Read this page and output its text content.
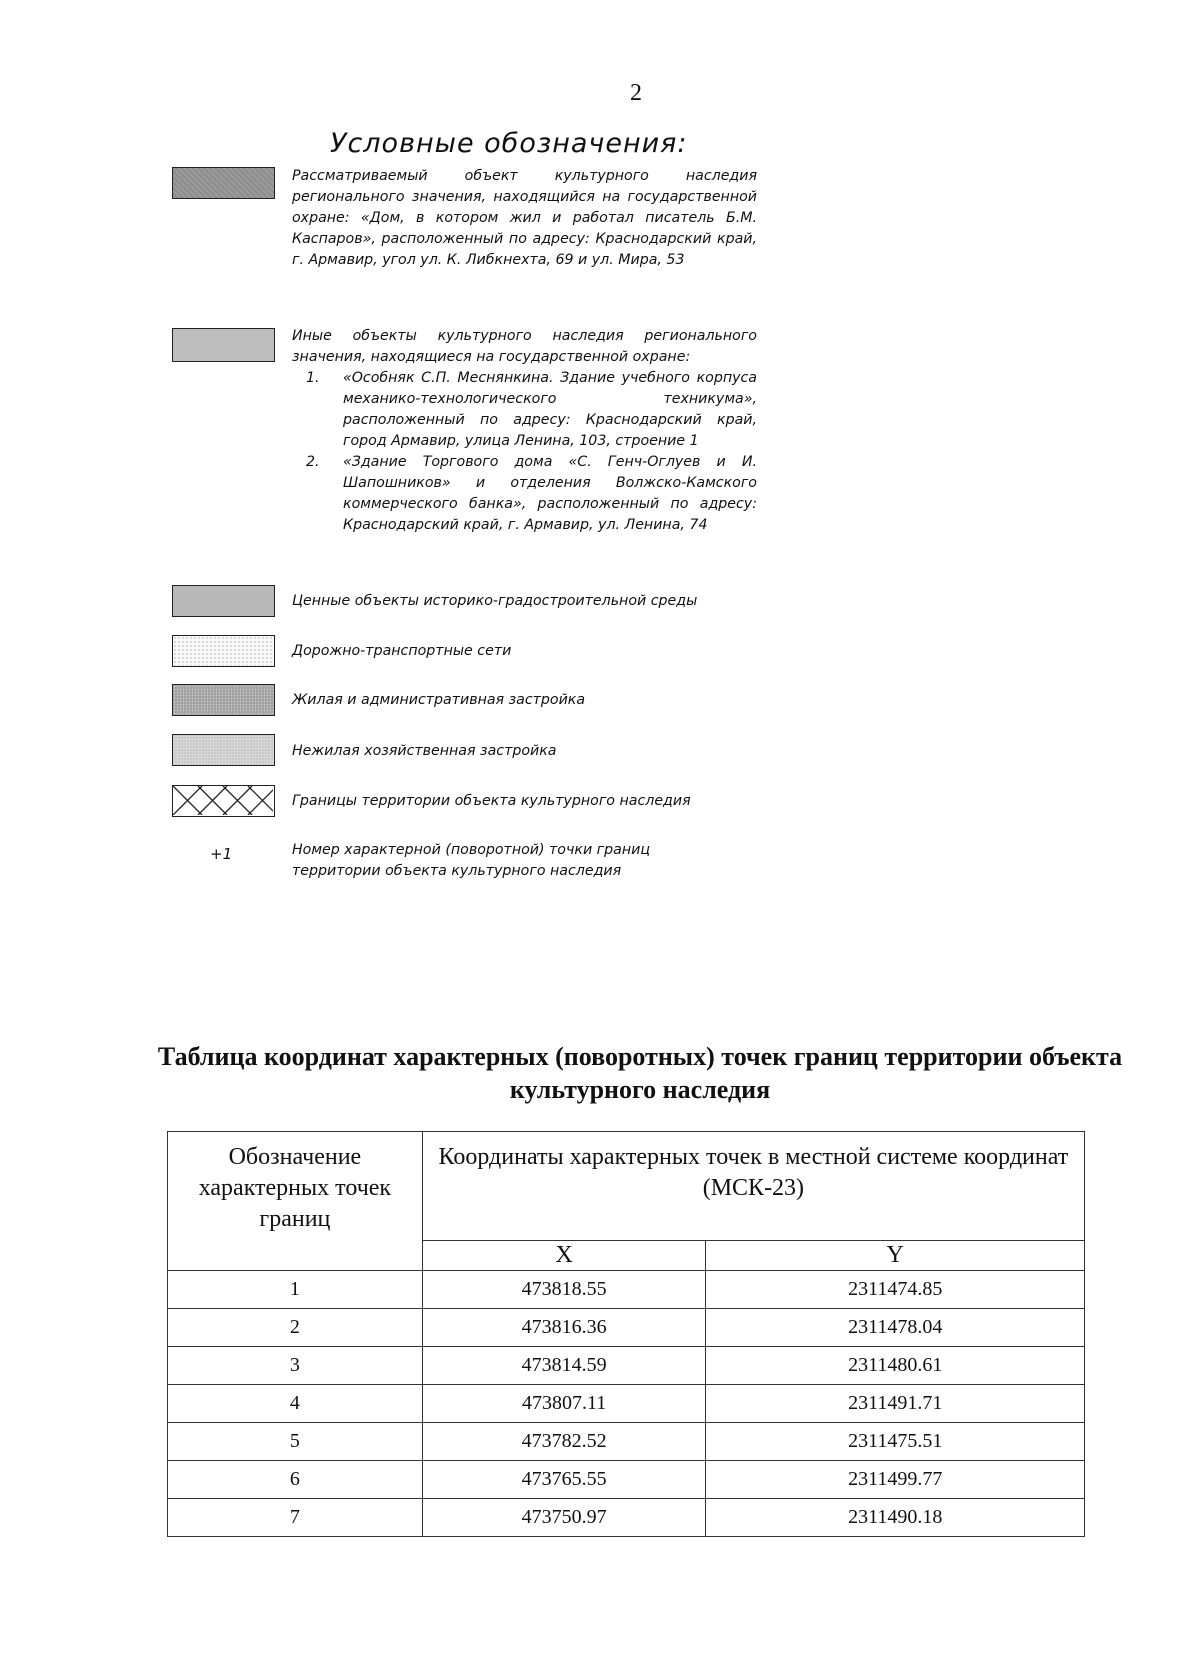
2
Условные обозначения:

Рассматриваемый объект культурного наследия регионального значения, находящийся на государственной охране: «Дом, в котором жил и работал писатель Б.М. Каспаров», расположенный по адресу: Краснодарский край, г. Армавир, угол ул. К. Либкнехта, 69 и ул. Мира, 53

Иные объекты культурного наследия регионального значения, находящиеся на государственной охране:
1. «Особняк С.П. Меснянкина. Здание учебного корпуса механико-технологического техникума», расположенный по адресу: Краснодарский край, город Армавир, улица Ленина, 103, строение 1
2. «Здание Торгового дома «С. Генч-Оглуев и И. Шапошников» и отделения Волжско-Камского коммерческого банка», расположенный по адресу: Краснодарский край, г. Армавир, ул. Ленина, 74

Ценные объекты историко-градостроительной среды

Дорожно-транспортные сети

Жилая и административная застройка

Нежилая хозяйственная застройка

Границы территории объекта культурного наследия

+1	Номер характерной (поворотной) точки границ территории объекта культурного наследия

Таблица координат характерных (поворотных) точек границ территории объекта культурного наследия
Обозначение характерных точек границ	Координаты характерных точек в местной системе координат (МСК-23)	
	X	Y
1	473818.55	2311474.85
2	473816.36	2311478.04
3	473814.59	2311480.61
4	473807.11	2311491.71
5	473782.52	2311475.51
6	473765.55	2311499.77
7	473750.97	2311490.18
